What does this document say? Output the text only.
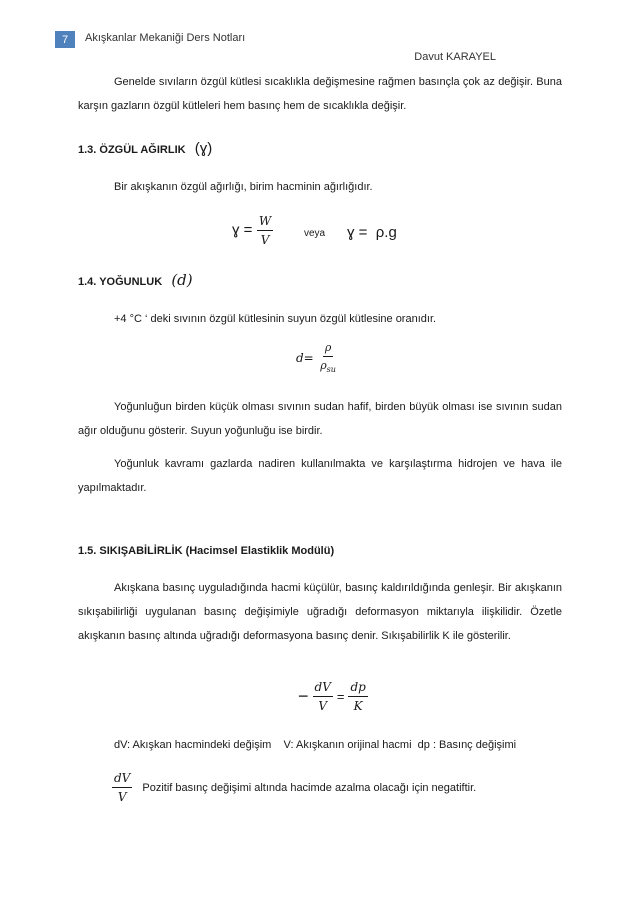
7	Akışkanlar Mekaniği Ders Notları
Davut KARAYEL

Genelde sıvıların özgül kütlesi sıcaklıkla değişmesine rağmen basınçla çok az değişir. Buna karşın gazların özgül kütleleri hem basınç hem de sıcaklıkla değişir.

1.3. ÖZGÜL AĞIRLIK (ɣ)
Bir akışkanın özgül ağırlığı, birim hacminin ağırlığıdır.
ɣ = $\frac{W}{V}$	veya ɣ =  ρ.g
1.4. YOĞUNLUK (d)
+4 °C ‘ deki sıvının özgül kütlesinin suyun özgül kütlesine oranıdır.
$d= \frac{\rho}{\rho_{su}}$

Yoğunluğun birden küçük olması sıvının sudan hafif, birden büyük olması ise sıvının sudan ağır olduğunu gösterir. Suyun yoğunluğu ise birdir.

Yoğunluk kavramı gazlarda nadiren kullanılmakta ve karşılaştırma hidrojen ve hava ile yapılmaktadır.

1.5. SIKIŞABİLİRLİK (Hacimsel Elastiklik Modülü)

Akışkana basınç uyguladığında hacmi küçülür, basınç kaldırıldığında genleşir. Bir akışkanın sıkışabilirliği uygulanan basınç değişimiyle uğradığı deformasyon miktarıyla ilişkilidir. Özetle akışkanın basınç altında uğradığı deformasyona basınç denir. Sıkışabilirlik K ile gösterilir.

− $\frac{dV}{V} = \frac{dp}{K}$
dV: Akışkan hacmindeki değişim    V: Akışkanın orijinal hacmi  dp : Basınç değişimi
$\frac{dV}{V}$ Pozitif basınç değişimi altında hacimde azalma olacağı için negatiftir.
